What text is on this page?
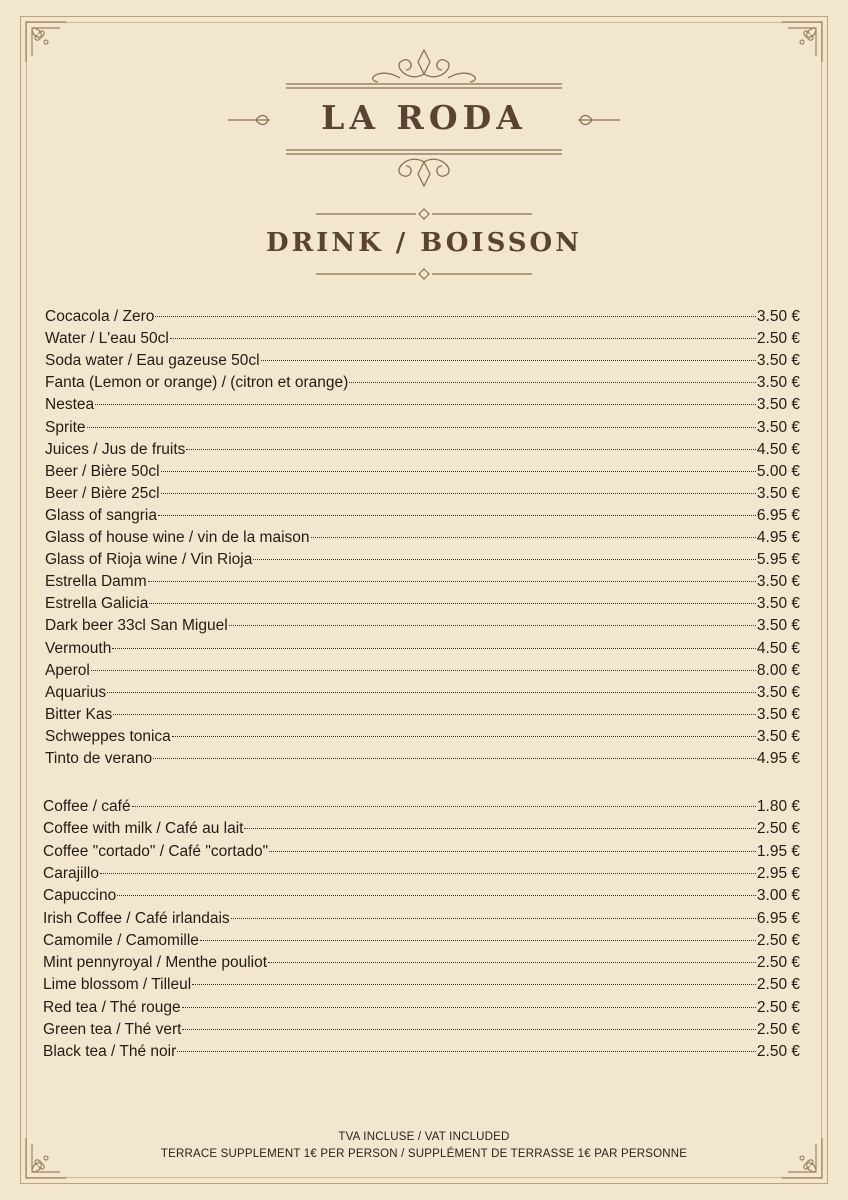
LA RODA
DRINK / BOISSON
Cocacola / Zero	3.50 €
Water / L'eau 50cl	2.50 €
Soda water / Eau gazeuse 50cl	3.50 €
Fanta (Lemon or orange) / (citron et orange)	3.50 €
Nestea	3.50 €
Sprite	3.50 €
Juices / Jus de fruits	4.50 €
Beer / Bière 50cl	5.00 €
Beer / Bière 25cl	3.50 €
Glass of sangria	6.95 €
Glass of house wine / vin de la maison	4.95 €
Glass of Rioja wine / Vin Rioja	5.95 €
Estrella Damm	3.50 €
Estrella Galicia	3.50 €
Dark beer 33cl San Miguel	3.50 €
Vermouth	4.50 €
Aperol	8.00 €
Aquarius	3.50 €
Bitter Kas	3.50 €
Schweppes tonica	3.50 €
Tinto de verano	4.95 €
Coffee / café	1.80 €
Coffee with milk / Café au lait	2.50 €
Coffee "cortado" / Café "cortado"	1.95 €
Carajillo	2.95 €
Capuccino	3.00 €
Irish Coffee / Café irlandais	6.95 €
Camomile / Camomille	2.50 €
Mint pennyroyal / Menthe pouliot	2.50 €
Lime blossom / Tilleul	2.50 €
Red tea / Thé rouge	2.50 €
Green tea / Thé vert	2.50 €
Black tea / Thé noir	2.50 €
TVA INCLUSE / VAT INCLUDED
TERRACE SUPPLEMENT 1€ PER PERSON / SUPPLÉMENT DE TERRASSE 1€ PAR PERSONNE
